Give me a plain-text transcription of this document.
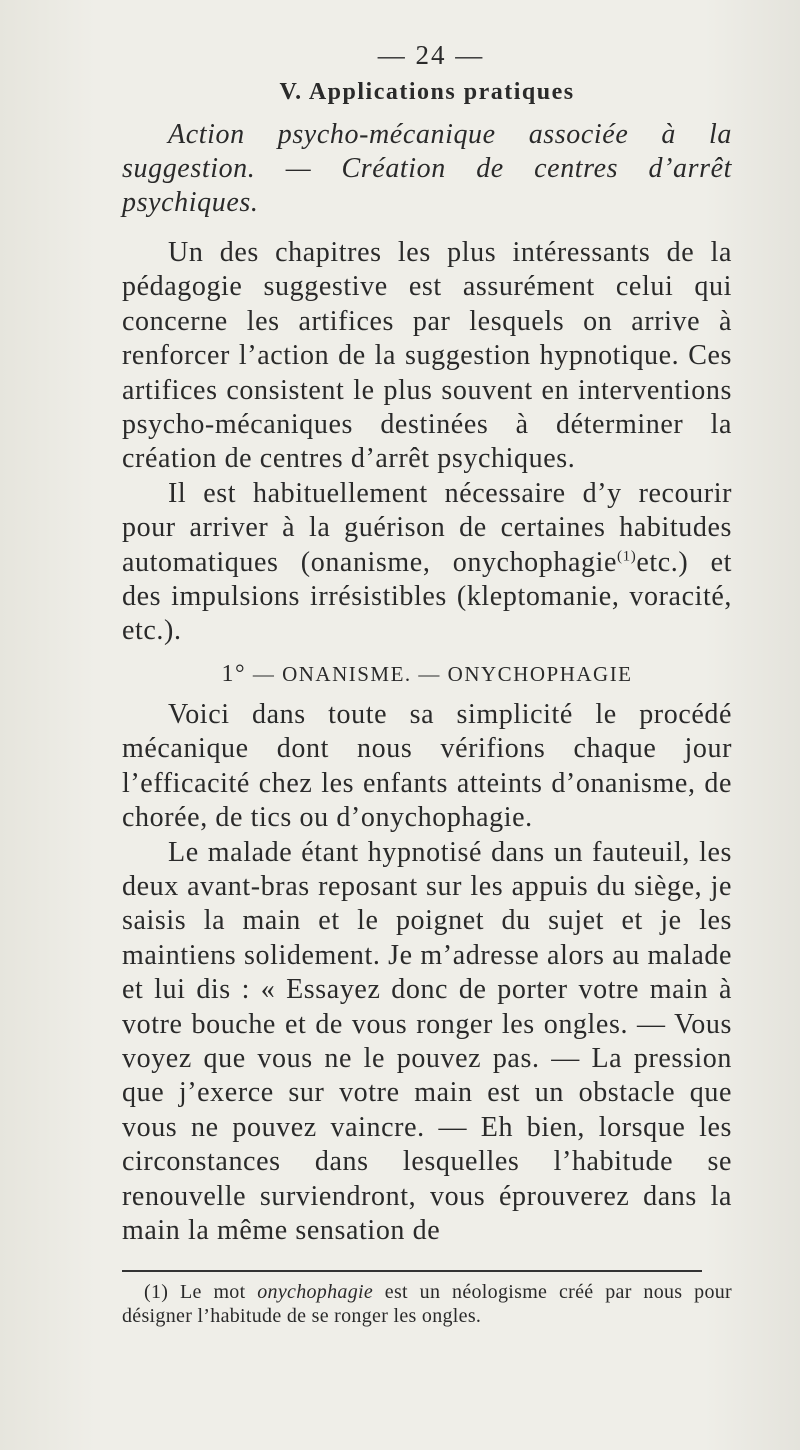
— 24 —
V. Applications pratiques

Action psycho-mécanique associée à la suggestion. — Création de centres d’arrêt psychiques.

Un des chapitres les plus intéressants de la pédagogie suggestive est assurément celui qui concerne les artifices par lesquels on arrive à renforcer l’action de la suggestion hypnotique. Ces artifices consistent le plus souvent en interventions psycho-mécaniques destinées à déterminer la création de centres d’arrêt psychiques.

Il est habituellement nécessaire d’y recourir pour arriver à la guérison de certaines habitudes automatiques (onanisme, onychophagie$^{(1)}$etc.) et des impulsions irrésistibles (kleptomanie, voracité, etc.).

1° — ONANISME. — ONYCHOPHAGIE

Voici dans toute sa simplicité le procédé mécanique dont nous vérifions chaque jour l’efficacité chez les enfants atteints d’onanisme, de chorée, de tics ou d’onychophagie.

Le malade étant hypnotisé dans un fauteuil, les deux avant-bras reposant sur les appuis du siège, je saisis la main et le poignet du sujet et je les maintiens solidement. Je m’adresse alors au malade et lui dis : « Essayez donc de porter votre main à votre bouche et de vous ronger les ongles. — Vous voyez que vous ne le pouvez pas. — La pression que j’exerce sur votre main est un obstacle que vous ne pouvez vaincre. — Eh bien, lorsque les circonstances dans lesquelles l’habitude se renouvelle surviendront, vous éprouverez dans la main la même sensation de

(1) Le mot onychophagie est un néologisme créé par nous pour désigner l’habitude de se ronger les ongles.
